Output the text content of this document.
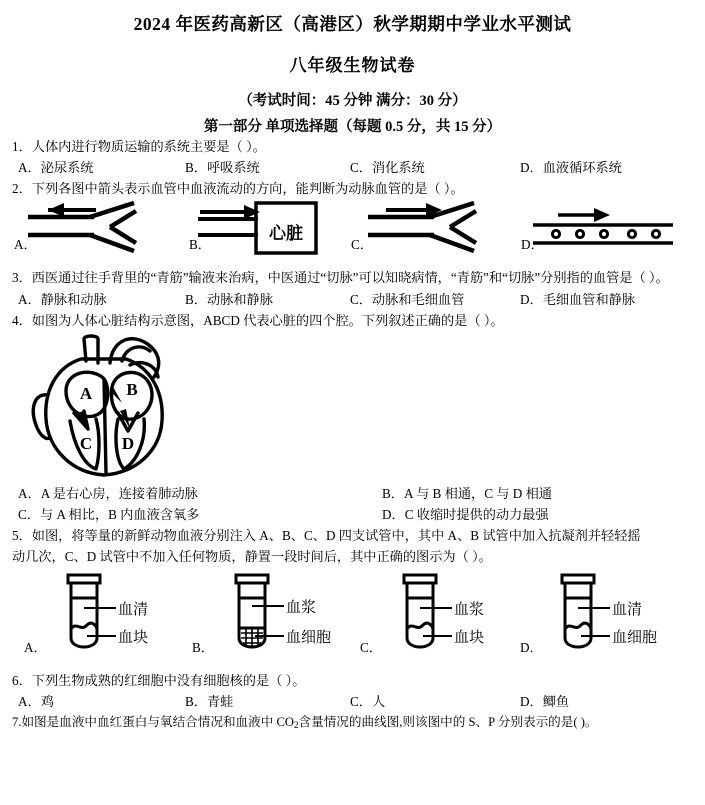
2024 年医药高新区（高港区）秋学期期中学业水平测试
八年级生物试卷
（考试时间：45 分钟 满分：30 分）
第一部分 单项选择题（每题 0.5 分，共 15 分）
1．人体内进行物质运输的系统主要是（ ）。
A．泌尿系统	B．呼吸系统	C．消化系统	D．血液循环系统
2．下列各图中箭头表示血管中血液流动的方向，能判断为动脉血管的是（ ）。
A．
心脏
B．	C．	D．
3．西医通过往手背里的“青筋”输液来治病，中医通过“切脉”可以知晓病情，“青筋”和“切脉”分别指的血管是（ ）。
A．静脉和动脉	B．动脉和静脉	C．动脉和毛细血管	D．毛细血管和静脉
4．如图为人体心脏结构示意图，ABCD 代表心脏的四个腔。下列叙述正确的是（ ）。
A B
C D
A．A 是右心房，连接着肺动脉	B．A 与 B 相通，C 与 D 相通
C．与 A 相比，B 内血液含氧多	D．C 收缩时提供的动力最强
5．如图，将等量的新鲜动物血液分别注入 A、B、C、D 四支试管中，其中 A、B 试管中加入抗凝剂并轻轻摇
动几次，C、D 试管中不加入任何物质，静置一段时间后，其中正确的图示为（ ）。
血清
血块
A．
血浆
血细胞
B．
血浆
血块
C．
血清
血细胞
D．
6．下列生物成熟的红细胞中没有细胞核的是（ ）。
A．鸡	B．青蛙	C．人	D．鲫鱼
7.如图是血液中血红蛋白与氧结合情况和血液中 $CO_2$含量情况的曲线图,则该图中的 S、P 分别表示的是( )。
